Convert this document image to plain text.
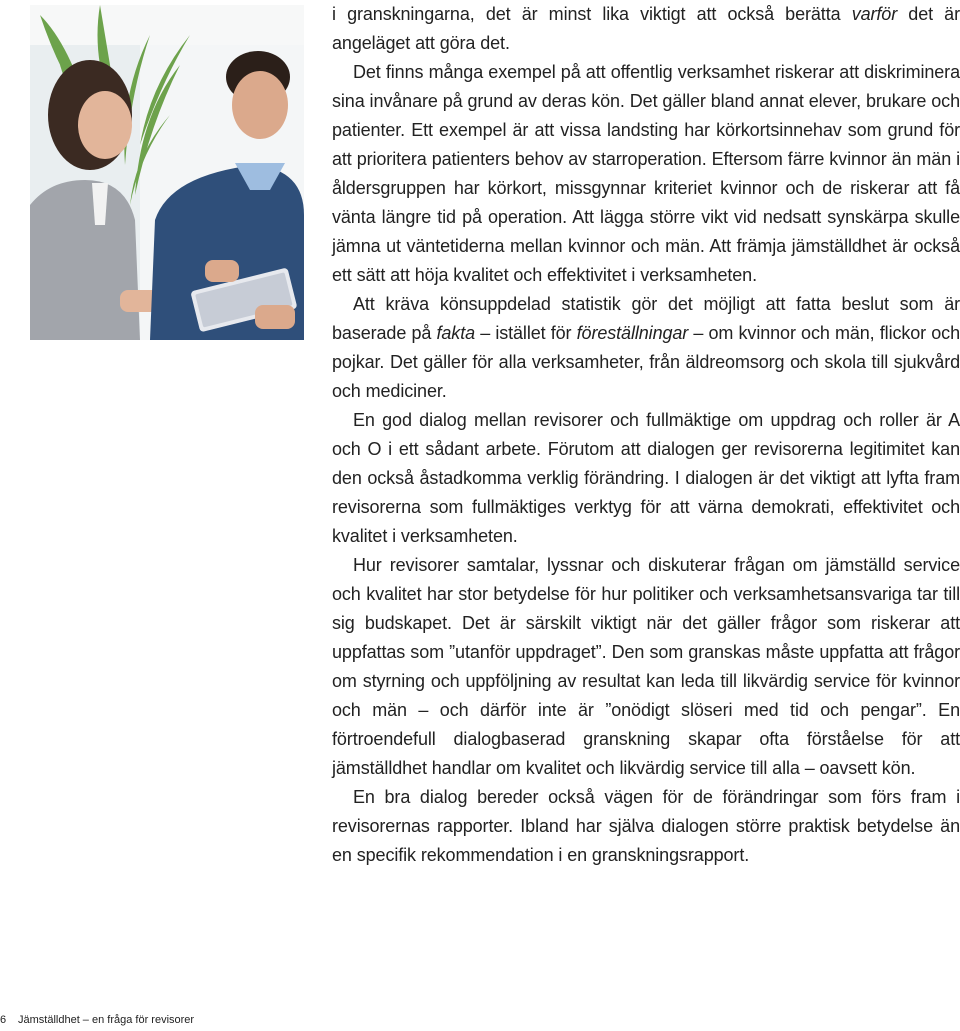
i granskningarna, det är minst lika viktigt att också berätta varför det är angeläget att göra det.

Det finns många exempel på att offentlig verksamhet riskerar att diskriminera sina invånare på grund av deras kön. Det gäller bland annat elever, brukare och patienter. Ett exempel är att vissa landsting har körkortsinnehav som grund för att prioritera patienters behov av starroperation. Eftersom färre kvinnor än män i åldersgruppen har körkort, missgynnar kriteriet kvinnor och de riskerar att få vänta längre tid på operation. Att lägga större vikt vid nedsatt synskärpa skulle jämna ut väntetiderna mellan kvinnor och män. Att främja jämställdhet är också ett sätt att höja kvalitet och effektivitet i verksamheten.

Att kräva könsuppdelad statistik gör det möjligt att fatta beslut som är baserade på fakta – istället för föreställningar – om kvinnor och män, flickor och pojkar. Det gäller för alla verksamheter, från äldreomsorg och skola till sjukvård och mediciner.

En god dialog mellan revisorer och fullmäktige om uppdrag och roller är A och O i ett sådant arbete. Förutom att dialogen ger revisorerna legitimitet kan den också åstadkomma verklig förändring. I dialogen är det viktigt att lyfta fram revisorerna som fullmäktiges verktyg för att värna demokrati, effektivitet och kvalitet i verksamheten.

Hur revisorer samtalar, lyssnar och diskuterar frågan om jämställd service och kvalitet har stor betydelse för hur politiker och verksamhetsansvariga tar till sig budskapet. Det är särskilt viktigt när det gäller frågor som riskerar att uppfattas som ”utanför uppdraget”. Den som granskas måste uppfatta att frågor om styrning och uppföljning av resultat kan leda till likvärdig service för kvinnor och män – och därför inte är ”onödigt slöseri med tid och pengar”. En förtroendefull dialogbaserad granskning skapar ofta förståelse för att jämställdhet handlar om kvalitet och likvärdig service till alla – oavsett kön.

En bra dialog bereder också vägen för de förändringar som förs fram i revisorernas rapporter. Ibland har själva dialogen större praktisk betydelse än en specifik rekommendation i en granskningsrapport.

6 Jämställdhet – en fråga för revisorer
